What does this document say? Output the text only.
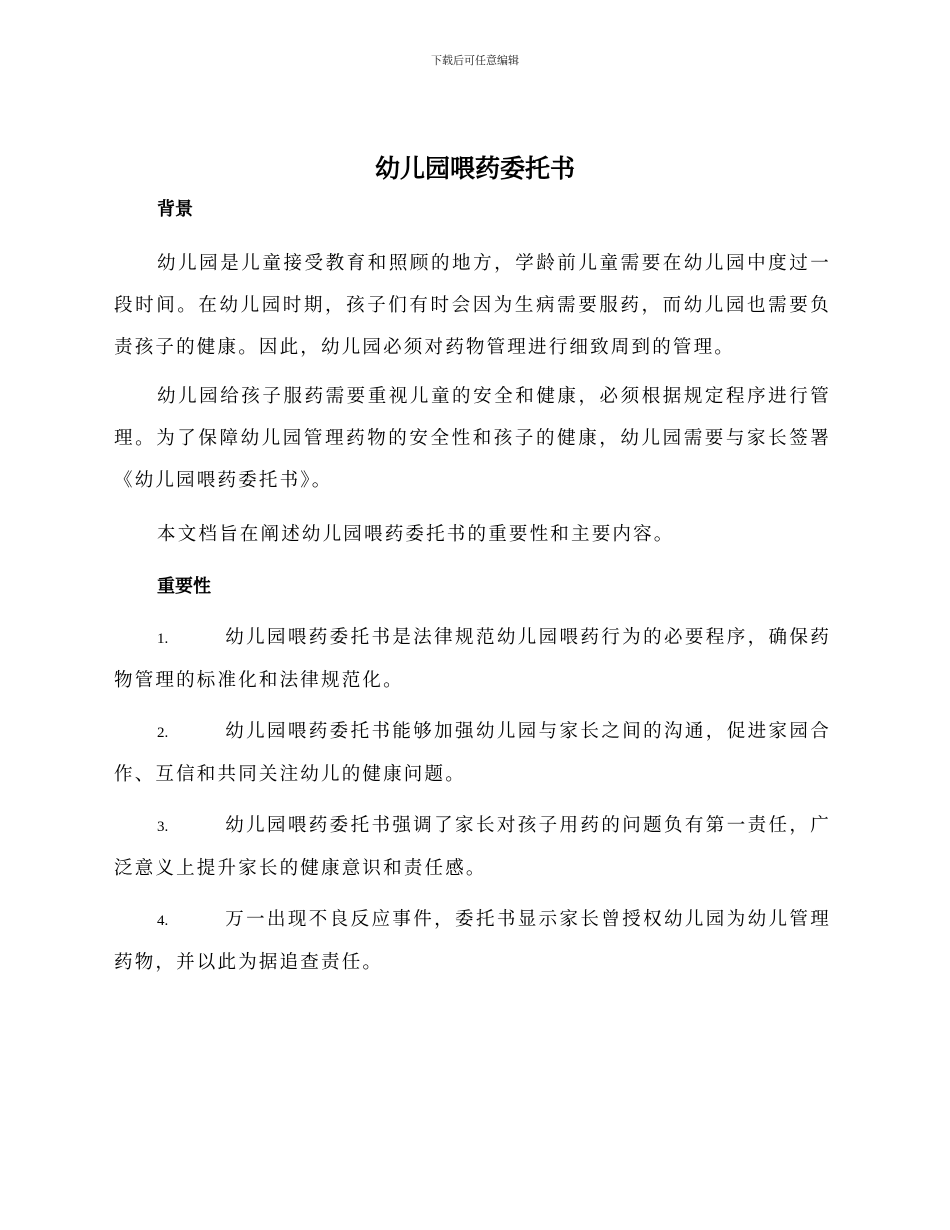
下载后可任意编辑
幼儿园喂药委托书
背景

幼儿园是儿童接受教育和照顾的地方，学龄前儿童需要在幼儿园中度过一段时间。在幼儿园时期，孩子们有时会因为生病需要服药，而幼儿园也需要负责孩子的健康。因此，幼儿园必须对药物管理进行细致周到的管理。

幼儿园给孩子服药需要重视儿童的安全和健康，必须根据规定程序进行管理。为了保障幼儿园管理药物的安全性和孩子的健康，幼儿园需要与家长签署《幼儿园喂药委托书》。

本文档旨在阐述幼儿园喂药委托书的重要性和主要内容。

重要性

1.	幼儿园喂药委托书是法律规范幼儿园喂药行为的必要程序，确保药物管理的标准化和法律规范化。

2.	幼儿园喂药委托书能够加强幼儿园与家长之间的沟通，促进家园合作、互信和共同关注幼儿的健康问题。

3.	幼儿园喂药委托书强调了家长对孩子用药的问题负有第一责任，广泛意义上提升家长的健康意识和责任感。

4.	万一出现不良反应事件，委托书显示家长曾授权幼儿园为幼儿管理药物，并以此为据追查责任。
